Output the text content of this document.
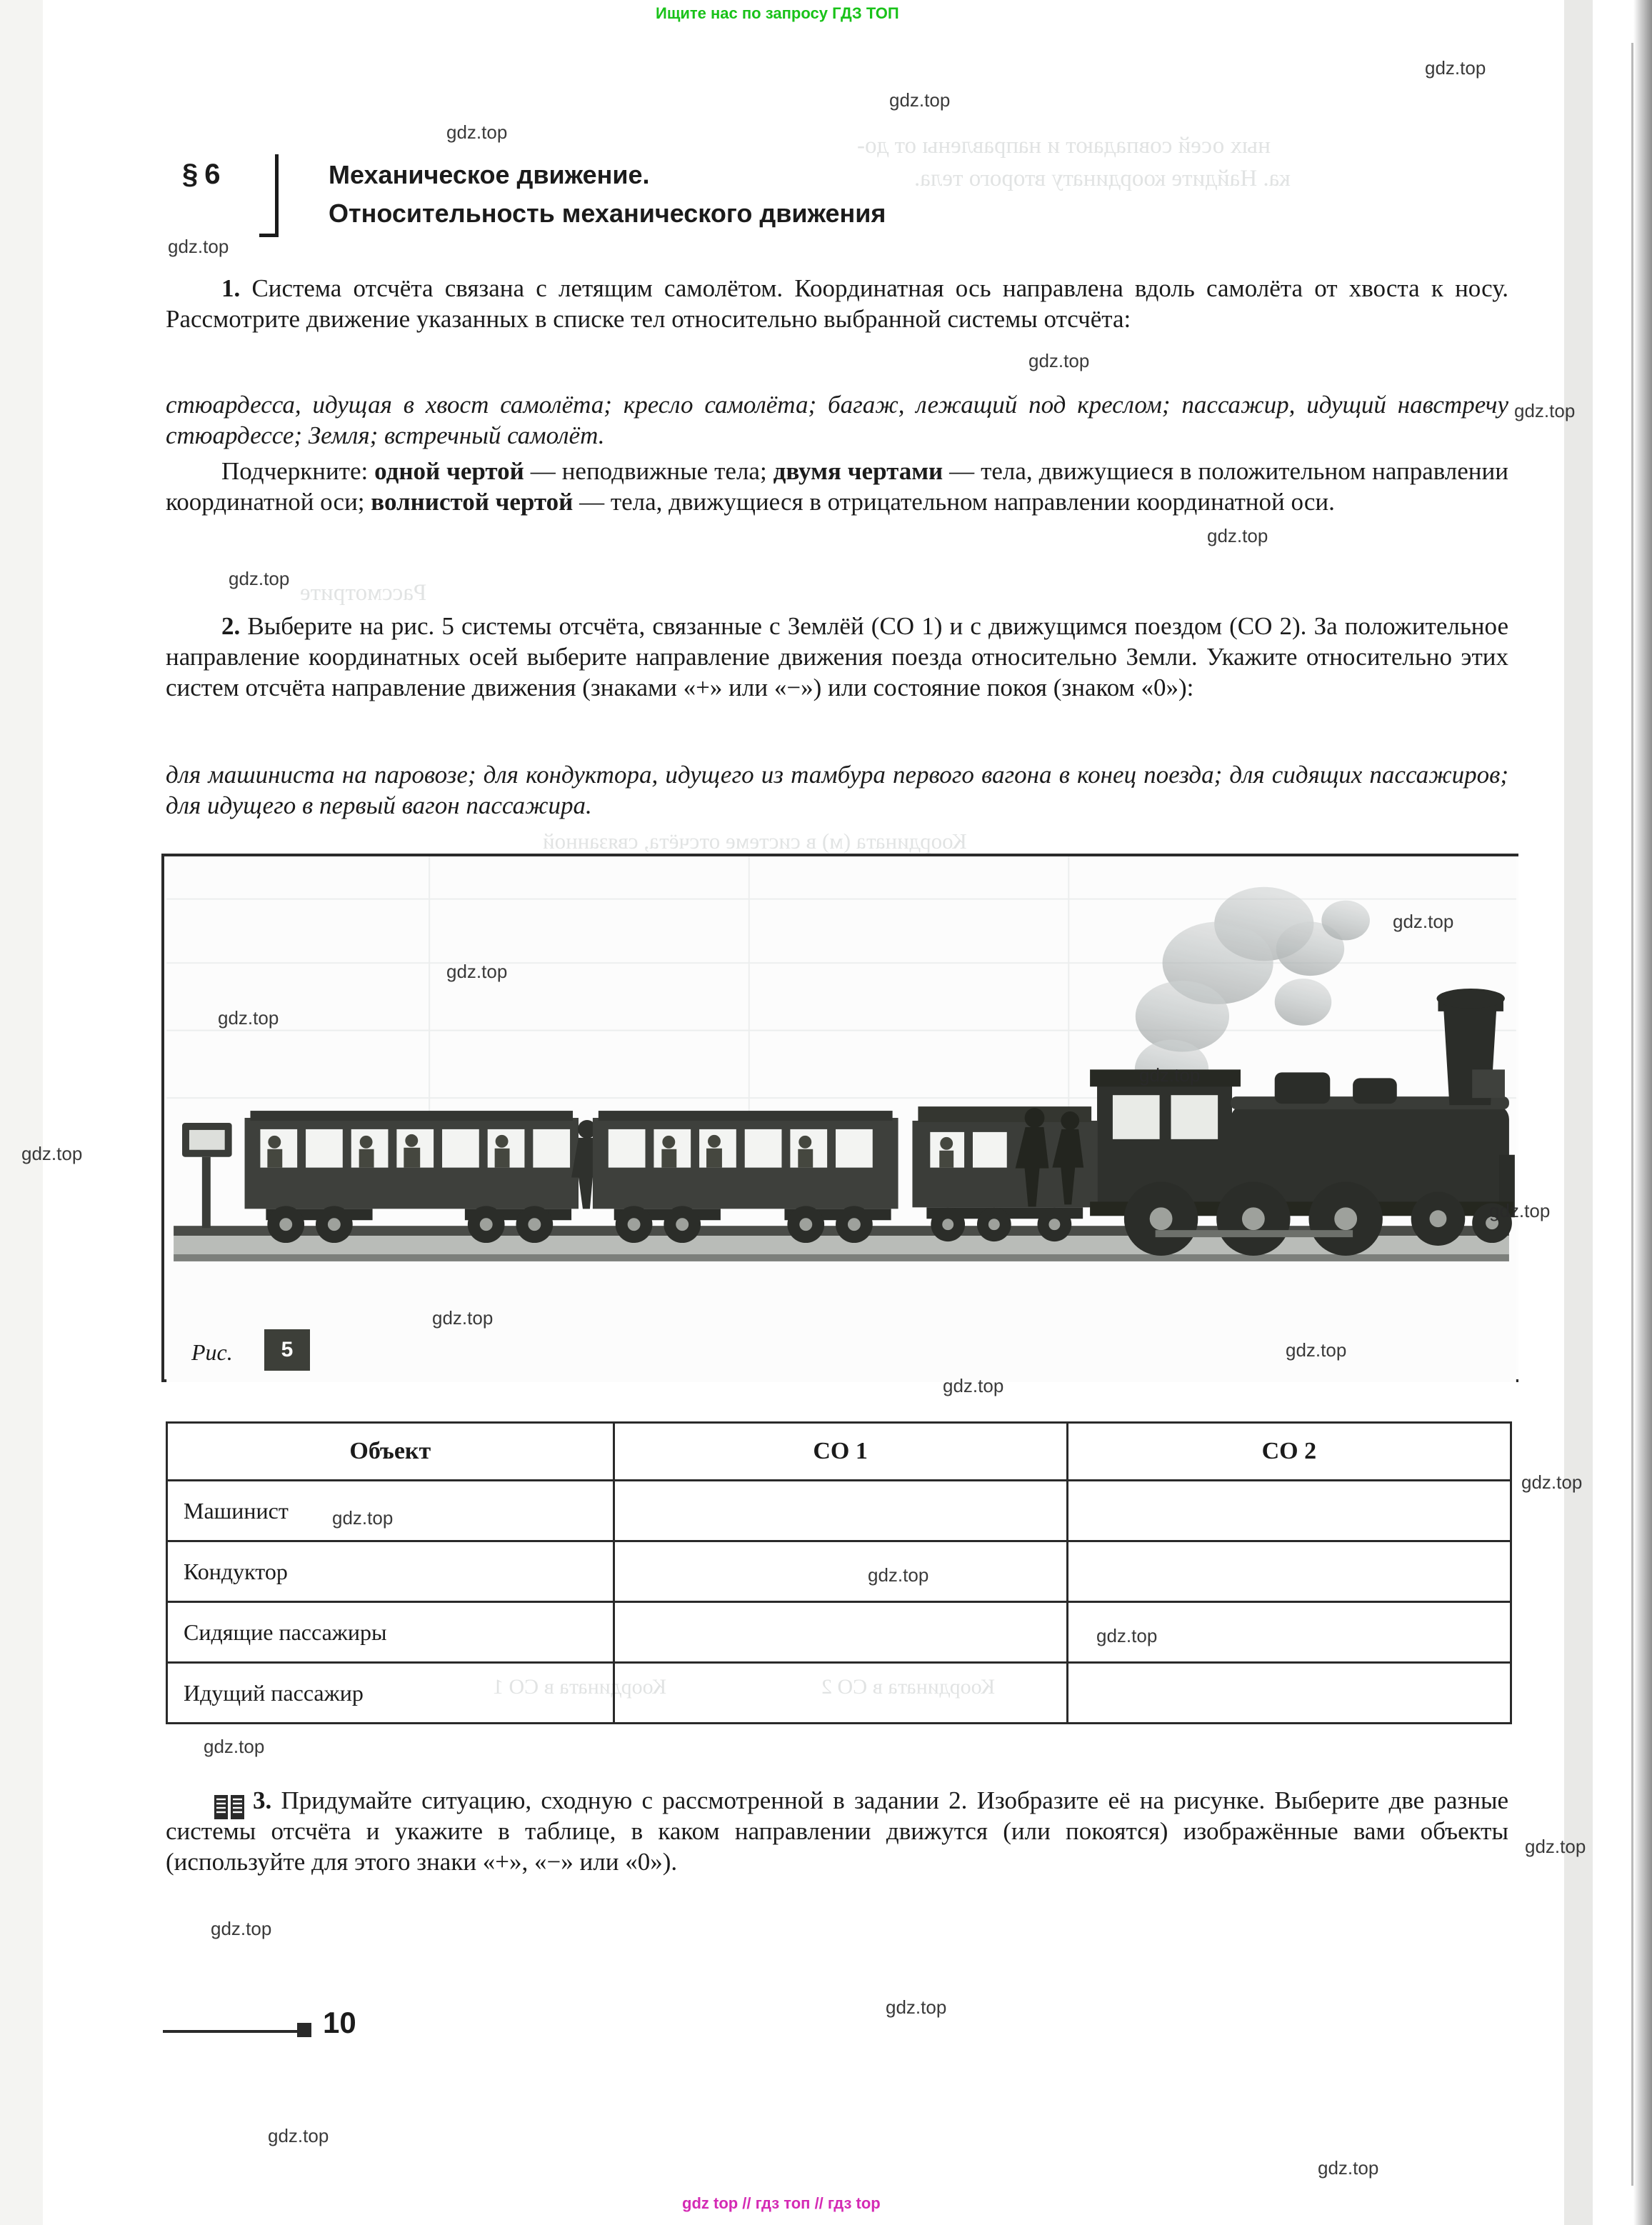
ных осей совпадают и направлены от до-
ка. Найдите координату второго тела.
Рассмотрите
Координата (м) в системе отсчёта, связанной
Координата в СО 1	Координата в СО 2
Ищите нас по запросу ГДЗ ТОП
gdz top // гдз топ // гдз top
§ 6	Механическое движение.
Относительность механического движения
1. Система отсчёта связана с летящим самолётом. Координатная ось направлена вдоль самолёта от хвоста к носу. Рассмотрите движение указанных в списке тел относительно выбранной системы отсчёта:
стюардесса, идущая в хвост самолёта; кресло самолёта; багаж, лежащий под креслом; пассажир, идущий навстречу стюардессе; Земля; встречный самолёт.
Подчеркните: одной чертой — неподвижные тела; двумя чертами — тела, движущиеся в положительном направлении координатной оси; волнистой чертой — тела, движущиеся в отрицательном направлении координатной оси.
2. Выберите на рис. 5 системы отсчёта, связанные с Землёй (СО 1) и с движущимся поездом (СО 2). За положительное направление координатных осей выберите направление движения поезда относительно Земли. Укажите относительно этих систем отсчёта направление движения (знаками «+» или «−») или состояние покоя (знаком «0»):
для машиниста на паровозе; для кондуктора, идущего из тамбура первого вагона в конец поезда; для сидящих пассажиров; для идущего в первый вагон пассажира.
Рис.	5
Объект	СО 1	СО 2
Машинист		
Кондуктор		
Сидящие пассажиры		
Идущий пассажир		
3. Придумайте ситуацию, сходную с рассмотренной в задании 2. Изобразите её на рисунке. Выберите две разные системы отсчёта и укажите в таблице, в каком направлении движутся (или покоятся) изображённые вами объекты (используйте для этого знаки «+», «−» или «0»).
10
gdz.top
gdz.top
gdz.top
gdz.top
gdz.top
gdz.top
gdz.top
gdz.top
gdz.top
gdz.top
gdz.top
gdz.top
gdz.top
gdz.top
gdz.top
gdz.top
gdz.top
gdz.top
gdz.top
gdz.top
gdz.top
gdz.top
gdz.top
gdz.top
gdz.top
gdz.top
gdz.top
